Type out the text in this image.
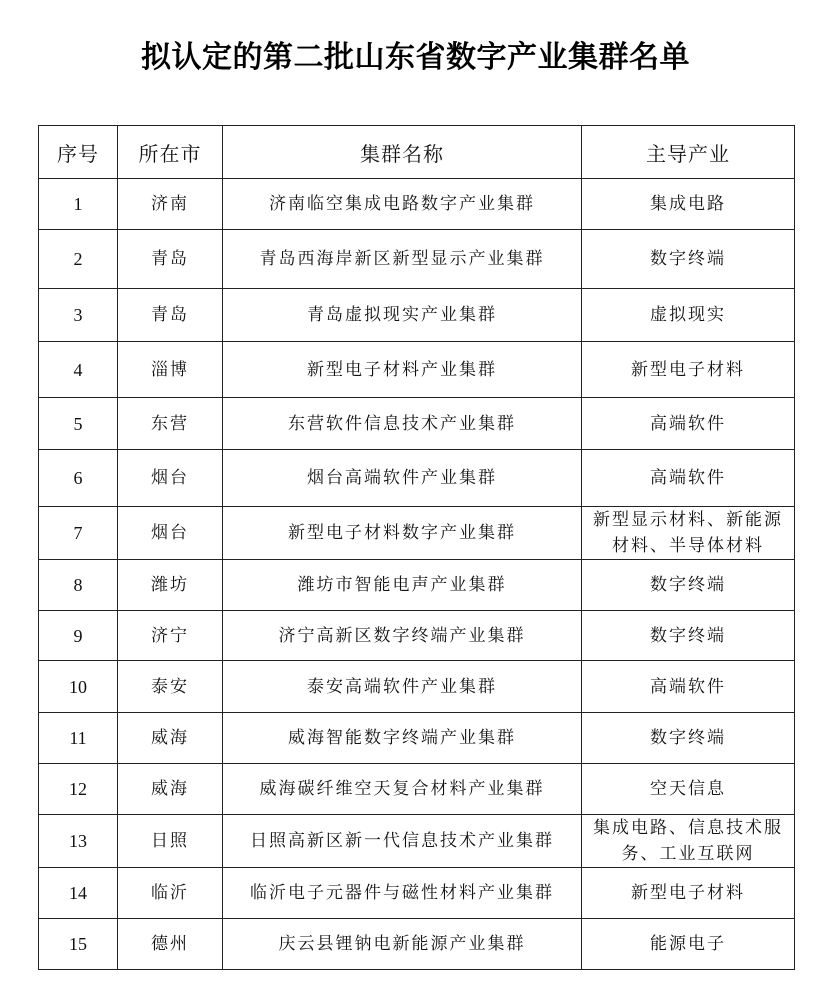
拟认定的第二批山东省数字产业集群名单
序号	所在市	集群名称	主导产业
1	济南	济南临空集成电路数字产业集群	集成电路
2	青岛	青岛西海岸新区新型显示产业集群	数字终端
3	青岛	青岛虚拟现实产业集群	虚拟现实
4	淄博	新型电子材料产业集群	新型电子材料
5	东营	东营软件信息技术产业集群	高端软件
6	烟台	烟台高端软件产业集群	高端软件
7	烟台	新型电子材料数字产业集群	新型显示材料、新能源材料、半导体材料
8	潍坊	潍坊市智能电声产业集群	数字终端
9	济宁	济宁高新区数字终端产业集群	数字终端
10	泰安	泰安高端软件产业集群	高端软件
11	威海	威海智能数字终端产业集群	数字终端
12	威海	威海碳纤维空天复合材料产业集群	空天信息
13	日照	日照高新区新一代信息技术产业集群	集成电路、信息技术服务、工业互联网
14	临沂	临沂电子元器件与磁性材料产业集群	新型电子材料
15	德州	庆云县锂钠电新能源产业集群	能源电子
